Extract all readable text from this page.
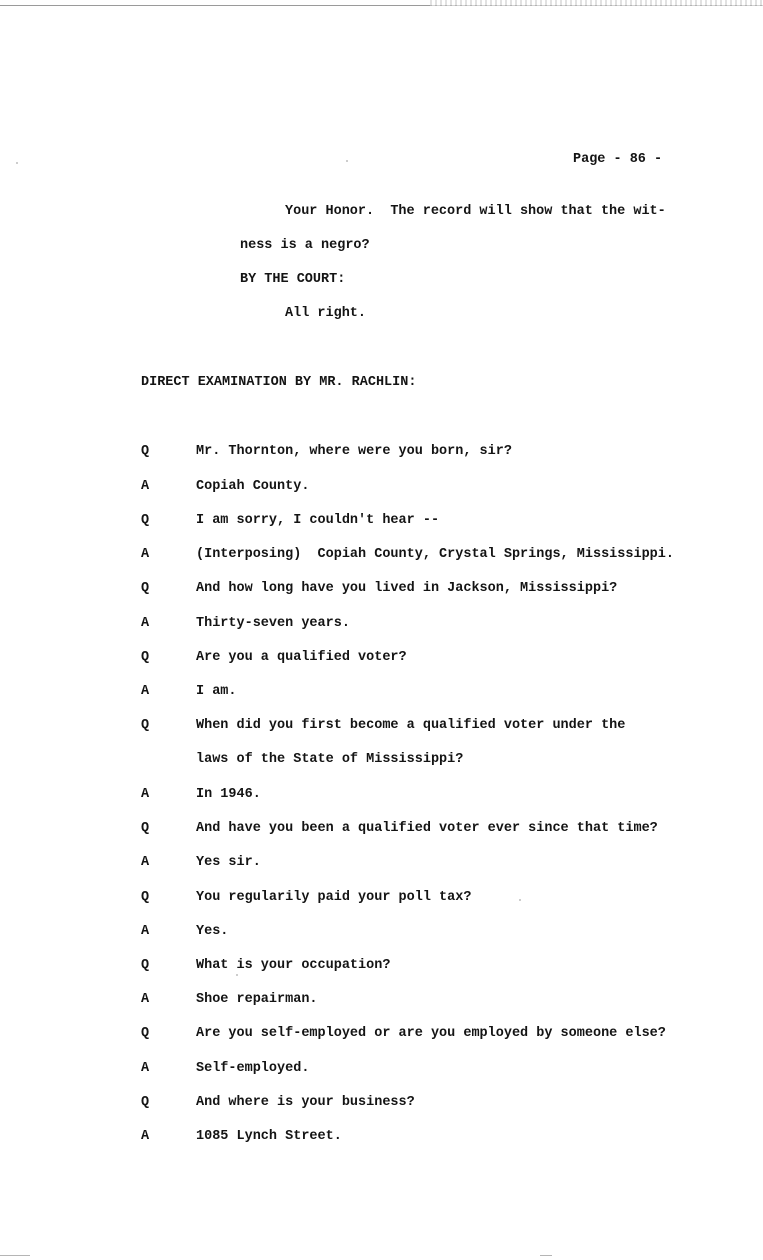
Page - 86 -
Your Honor.  The record will show that the wit-
ness is a negro?
BY THE COURT:
All right.
DIRECT EXAMINATION BY MR. RACHLIN:
Q	Mr. Thornton, where were you born, sir?
A	Copiah County.
Q	I am sorry, I couldn't hear --
A	(Interposing)  Copiah County, Crystal Springs, Mississippi.
Q	And how long have you lived in Jackson, Mississippi?
A	Thirty-seven years.
Q	Are you a qualified voter?
A	I am.
Q	When did you first become a qualified voter under the
laws of the State of Mississippi?
A	In 1946.
Q	And have you been a qualified voter ever since that time?
A	Yes sir.
Q	You regularily paid your poll tax?
A	Yes.
Q	What is your occupation?
A	Shoe repairman.
Q	Are you self-employed or are you employed by someone else?
A	Self-employed.
Q	And where is your business?
A	1085 Lynch Street.
